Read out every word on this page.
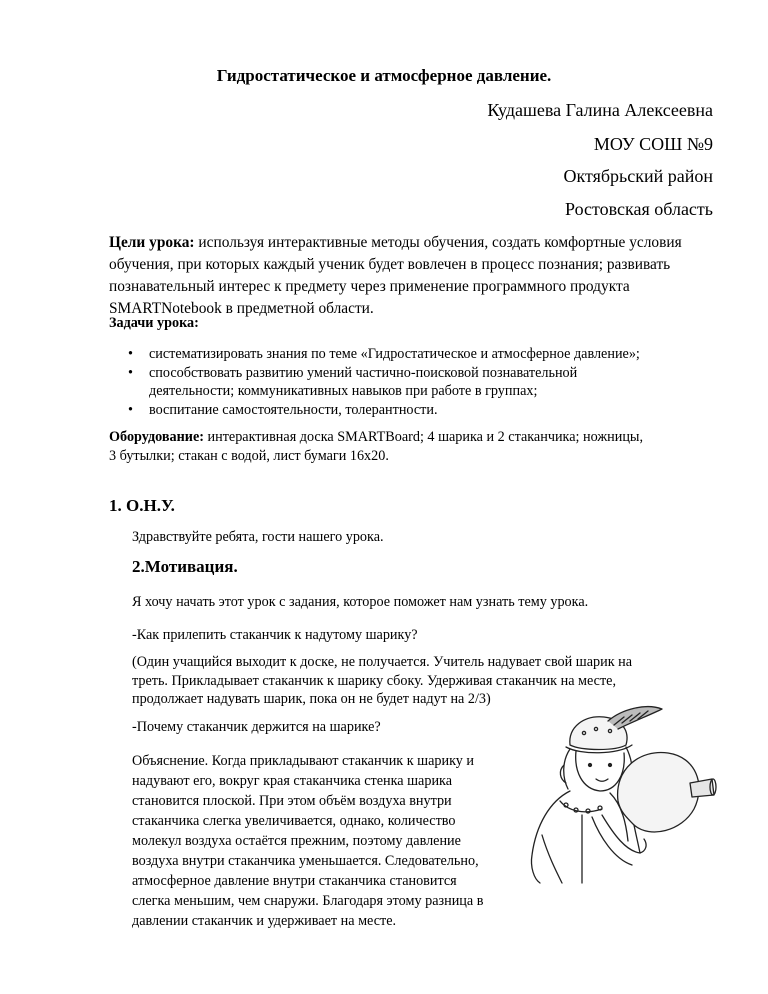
Гидростатическое и атмосферное давление.
Кудашева Галина Алексеевна
МОУ СОШ №9
Октябрьский район
Ростовская область
Цели урока: используя интерактивные методы обучения, создать комфортные условия
обучения, при которых каждый ученик будет вовлечен в процесс познания; развивать
познавательный интерес к предмету через применение программного продукта
SMARTNotebook в предметной области.
Задачи урока:
• систематизировать знания по теме «Гидростатическое и атмосферное давление»;
• способствовать развитию умений частично-поисковой познавательной
деятельности; коммуникативных навыков при работе в группах;
• воспитание самостоятельности, толерантности.
Оборудование: интерактивная доска SMARTBoard; 4 шарика и 2 стаканчика; ножницы,
3 бутылки; стакан с водой, лист бумаги 16х20.
1. О.Н.У.
Здравствуйте ребята, гости нашего урока.
2.Мотивация.
Я хочу начать этот урок с задания, которое поможет нам узнать тему урока.
-Как прилепить стаканчик к надутому шарику?
(Один учащийся выходит к доске, не получается. Учитель надувает свой шарик на
треть. Прикладывает стаканчик к шарику сбоку. Удерживая стаканчик на месте,
продолжает надувать шарик, пока он не будет надут на 2/3)
-Почему стаканчик держится на шарике?
Объяснение. Когда прикладывают стаканчик к шарику и
надувают его, вокруг края стаканчика стенка шарика
становится плоской. При этом объём воздуха внутри
стаканчика слегка увеличивается, однако, количество
молекул воздуха остаётся прежним, поэтому давление
воздуха внутри стаканчика уменьшается. Следовательно,
атмосферное давление внутри стаканчика становится
слегка меньшим, чем снаружи. Благодаря этому разница в
давлении стаканчик и удерживает на месте.
